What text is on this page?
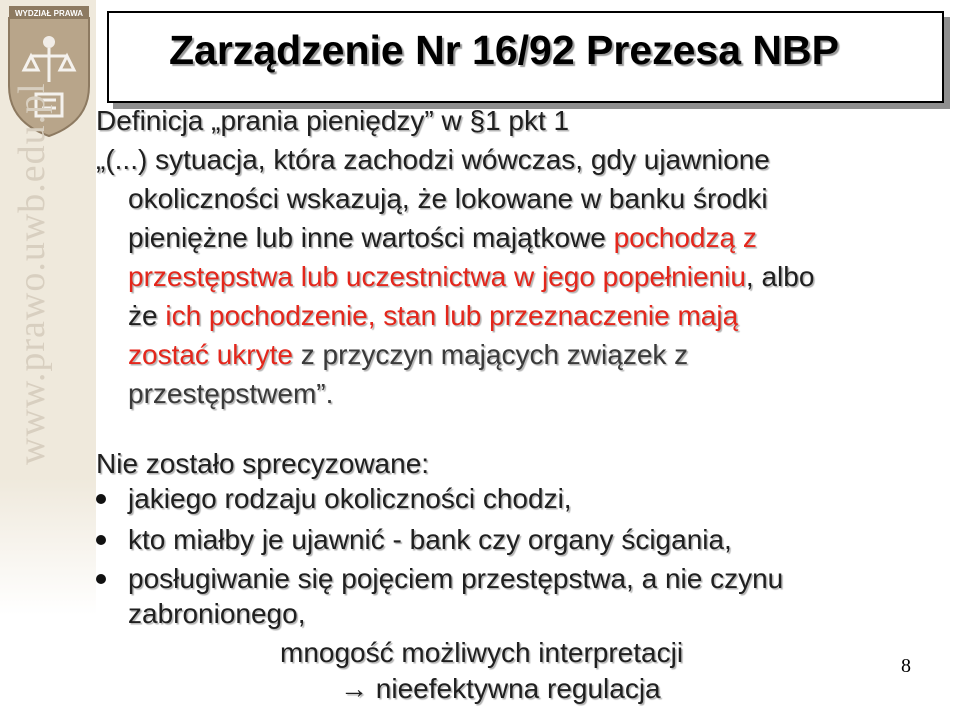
WYDZIAŁ PRAWA
www.prawo.uwb.edu.pl
Zarządzenie Nr 16/92 Prezesa NBP
Definicja „prania pieniędzy” w §1 pkt 1
„(...) sytuacja, która zachodzi wówczas, gdy ujawnione
okoliczności wskazują, że lokowane w banku środki
pieniężne lub inne wartości majątkowe pochodzą z
przestępstwa lub uczestnictwa w jego popełnieniu, albo
że ich pochodzenie, stan lub przeznaczenie mają
zostać ukryte z przyczyn mających związek z
przestępstwem”.
Nie zostało sprecyzowane:
jakiego rodzaju okoliczności chodzi,
kto miałby je ujawnić - bank czy organy ścigania,
posługiwanie się pojęciem przestępstwa, a nie czynu
zabronionego,
mnogość możliwych interpretacji
→ nieefektywna regulacja
8
